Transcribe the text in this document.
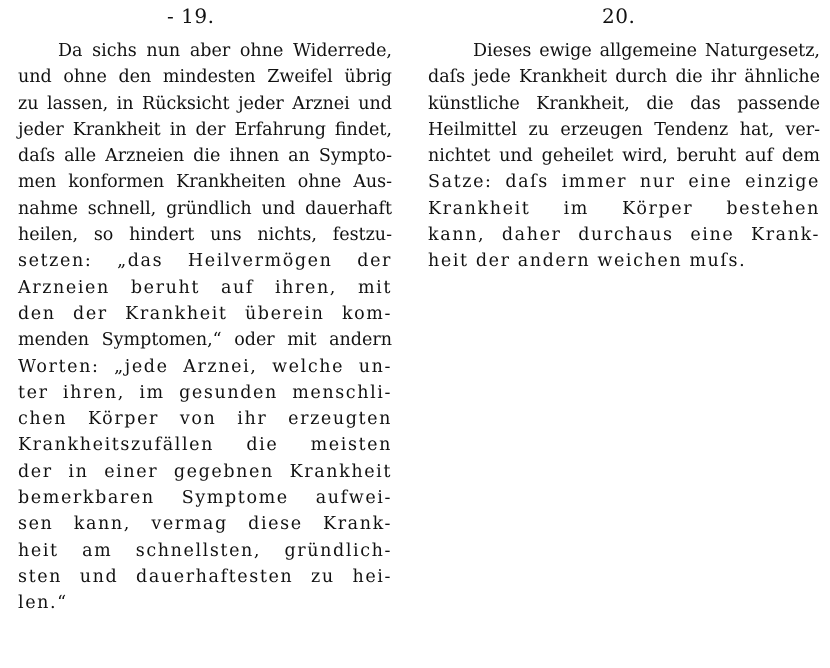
- 19.
Da sichs nun aber ohne Widerrede,
und ohne den mindesten Zweifel übrig
zu lassen, in Rücksicht jeder Arznei und
jeder Krankheit in der Erfahrung findet,
daſs alle Arzneien die ihnen an Sympto-
men konformen Krankheiten ohne Aus-
nahme schnell, gründlich und dauerhaft
heilen, so hindert uns nichts, festzu-
setzen: „das Heilvermögen der
Arzneien beruht auf ihren, mit
den der Krankheit überein kom-
menden Symptomen,“ oder mit andern
Worten: „jede Arznei, welche un-
ter ihren, im gesunden menschli-
chen Körper von ihr erzeugten
Krankheitszufällen die meisten
der in einer gegebnen Krankheit
bemerkbaren Symptome aufwei-
sen kann, vermag diese Krank-
heit am schnellsten, gründlich-
sten und dauerhaftesten zu hei-
len.“
20.
Dieses ewige allgemeine Naturgesetz,
daſs jede Krankheit durch die ihr ähnliche
künstliche Krankheit, die das passende
Heilmittel zu erzeugen Tendenz hat, ver-
nichtet und geheilet wird, beruht auf dem
Satze: daſs immer nur eine einzige
Krankheit im Körper bestehen
kann, daher durchaus eine Krank-
heit der andern weichen muſs.
